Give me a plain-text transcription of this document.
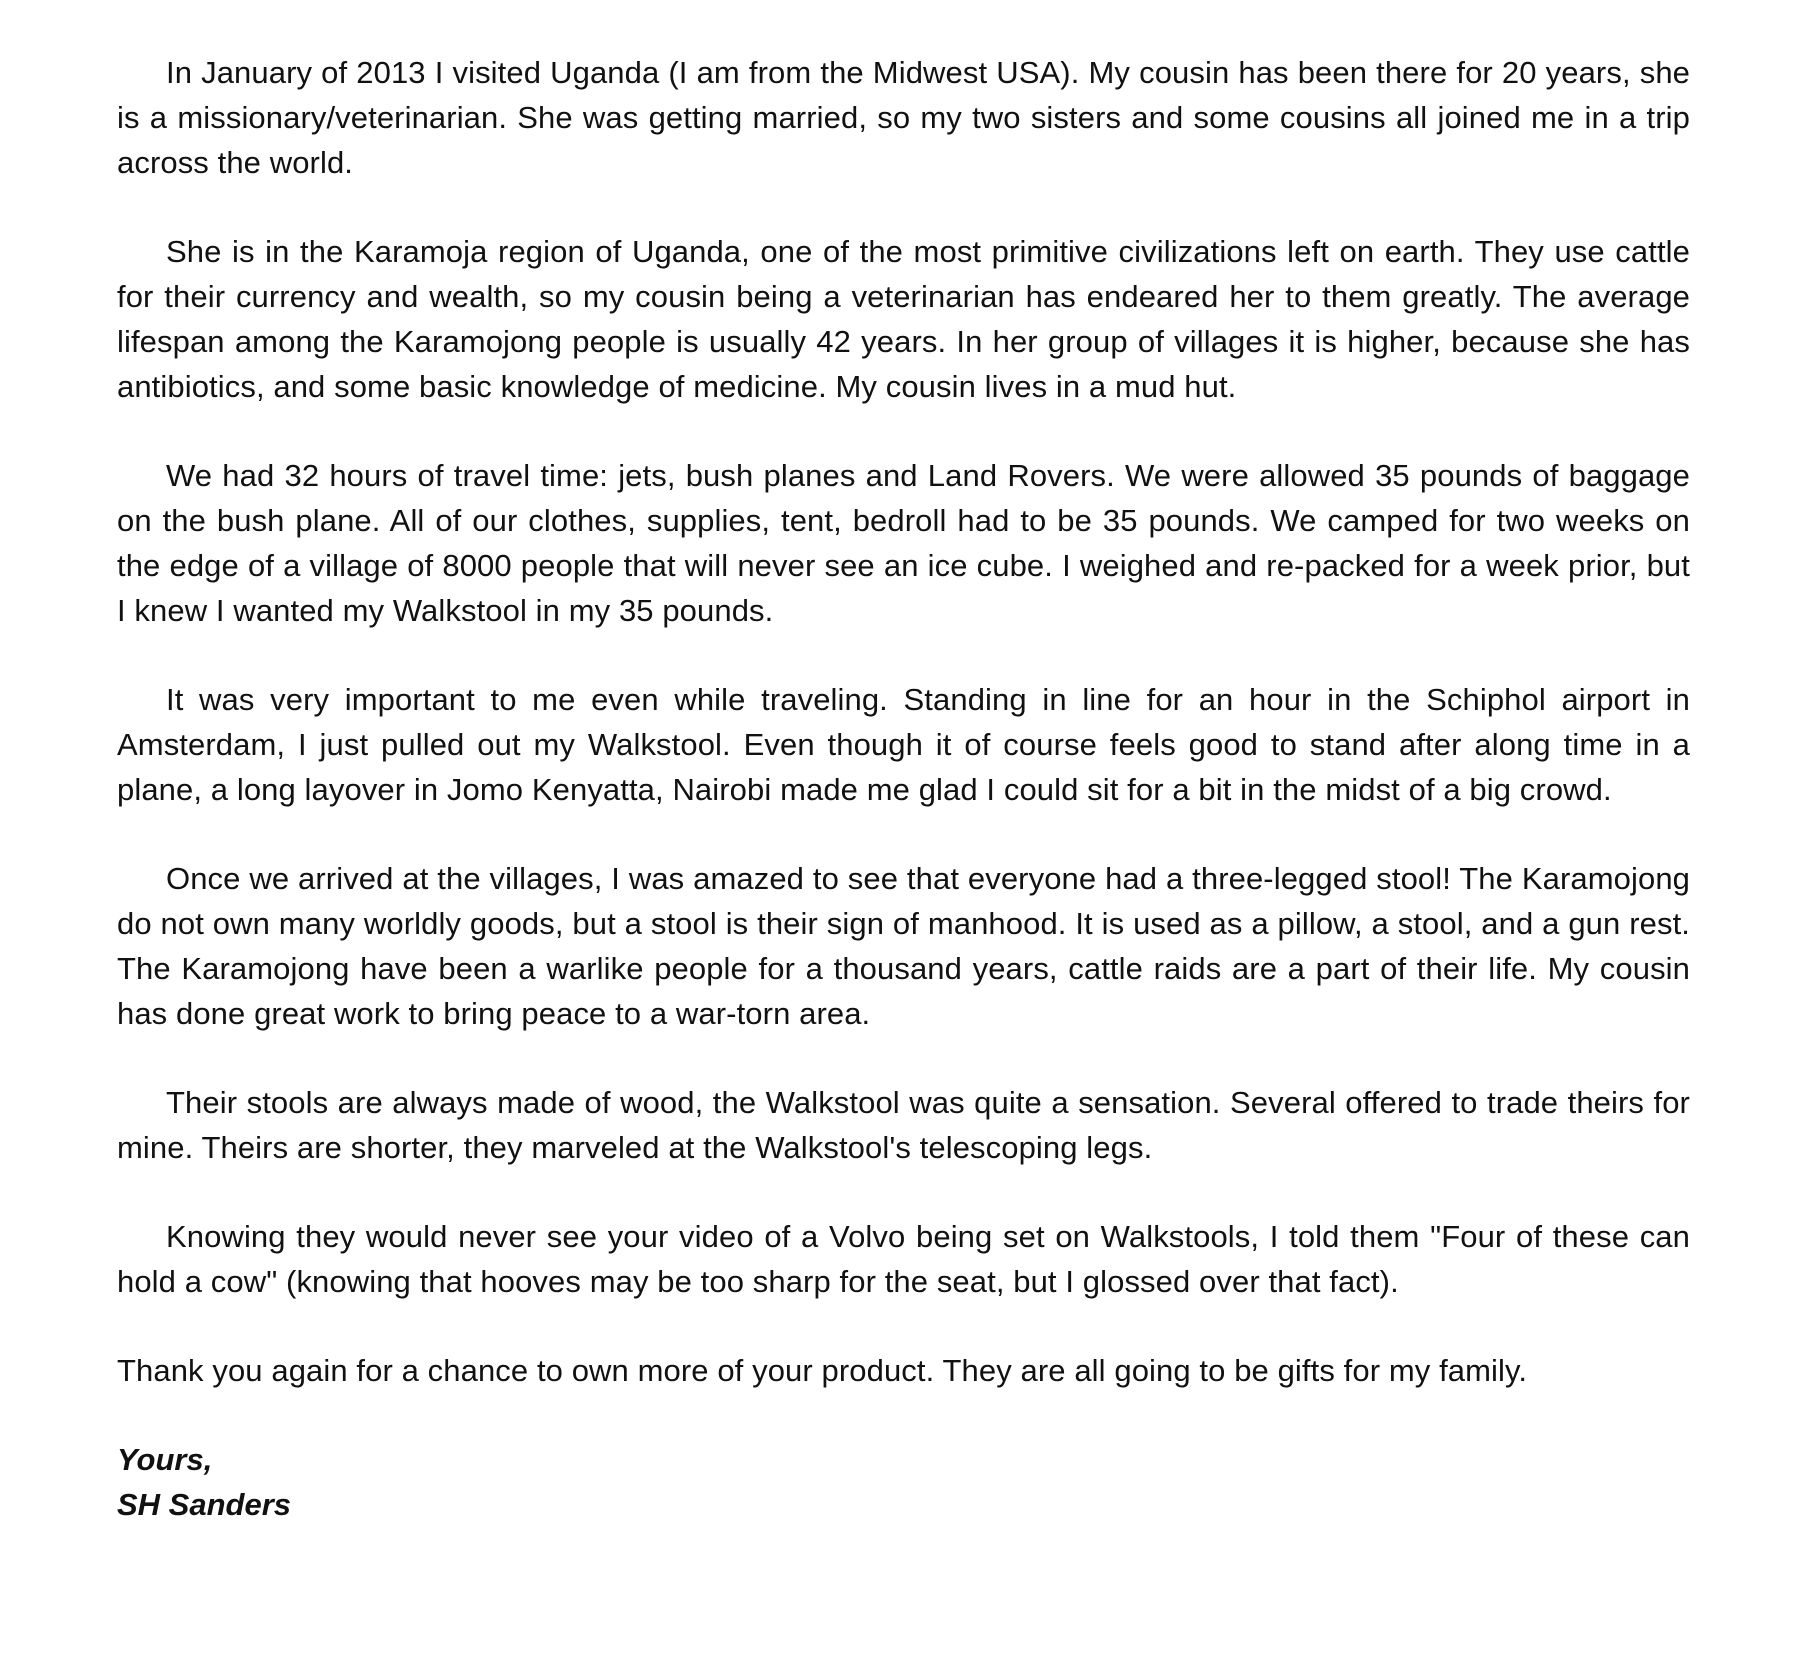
In January of 2013 I visited Uganda (I am from the Midwest USA). My cousin has been there for 20 years, she is a missionary/veterinarian. She was getting married, so my two sisters and some cousins all joined me in a trip across the world.

She is in the Karamoja region of Uganda, one of the most primitive civilizations left on earth. They use cattle for their currency and wealth, so my cousin being a veterinarian has endeared her to them greatly. The average lifespan among the Karamojong people is usually 42 years. In her group of villages it is higher, because she has antibiotics, and some basic knowledge of medicine. My cousin lives in a mud hut.

We had 32 hours of travel time: jets, bush planes and Land Rovers. We were allowed 35 pounds of baggage on the bush plane. All of our clothes, supplies, tent, bedroll had to be 35 pounds. We camped for two weeks on the edge of a village of 8000 people that will never see an ice cube. I weighed and re-packed for a week prior, but I knew I wanted my Walkstool in my 35 pounds.

It was very important to me even while traveling. Standing in line for an hour in the Schiphol airport in Amsterdam, I just pulled out my Walkstool. Even though it of course feels good to stand after along time in a plane, a long layover in Jomo Kenyatta, Nairobi made me glad I could sit for a bit in the midst of a big crowd.

Once we arrived at the villages, I was amazed to see that everyone had a three-legged stool! The Karamojong do not own many worldly goods, but a stool is their sign of manhood. It is used as a pillow, a stool, and a gun rest. The Karamojong have been a warlike people for a thousand years, cattle raids are a part of their life. My cousin has done great work to bring peace to a war-torn area.

Their stools are always made of wood, the Walkstool was quite a sensation. Several offered to trade theirs for mine. Theirs are shorter, they marveled at the Walkstool's telescoping legs.

Knowing they would never see your video of a Volvo being set on Walkstools, I told them "Four of these can hold a cow" (knowing that hooves may be too sharp for the seat, but I glossed over that fact).

Thank you again for a chance to own more of your product. They are all going to be gifts for my family.

Yours,

SH Sanders
